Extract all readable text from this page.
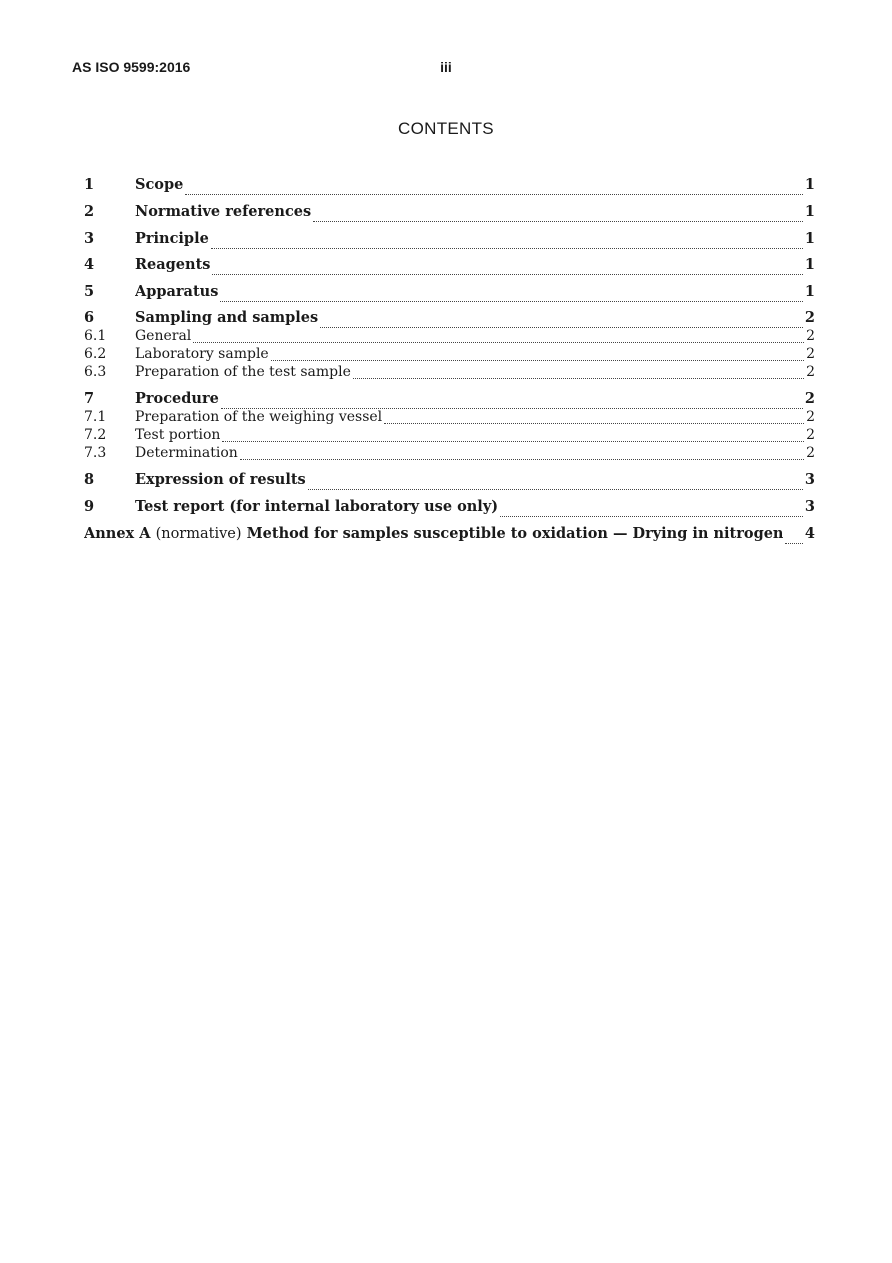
AS ISO 9599:2016	iii
CONTENTS
1	Scope	1
2	Normative references	1
3	Principle	1
4	Reagents	1
5	Apparatus	1
6	Sampling and samples	2
6.1	General	2
6.2	Laboratory sample	2
6.3	Preparation of the test sample	2
7	Procedure	2
7.1	Preparation of the weighing vessel	2
7.2	Test portion	2
7.3	Determination	2
8	Expression of results	3
9	Test report (for internal laboratory use only)	3
Annex A (normative) Method for samples susceptible to oxidation — Drying in nitrogen 4
